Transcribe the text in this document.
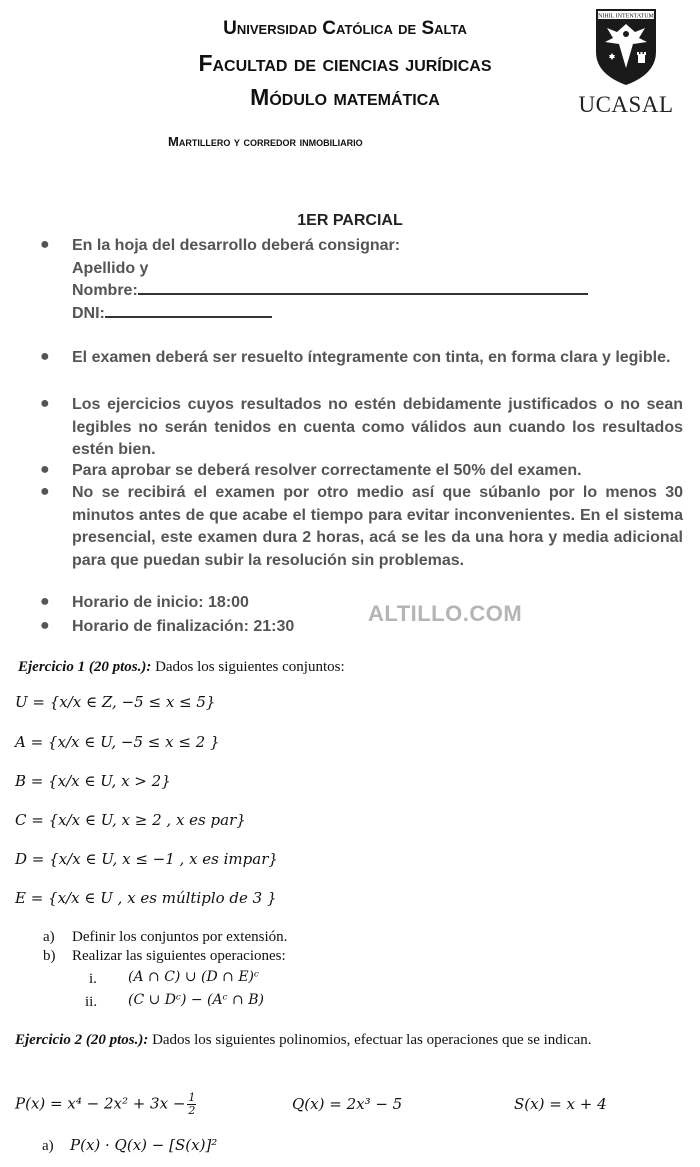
Universidad Católica de Salta
Facultad de ciencias jurídicas
Módulo matemática
Martillero y corredor inmobiliario
NIHIL INTENTATUM
UCASAL
1ER PARCIAL
● En la hoja del desarrollo deberá consignar:
Apellido y
Nombre:
DNI:
● El examen deberá ser resuelto íntegramente con tinta, en forma clara y legible.
● Los ejercicios cuyos resultados no estén debidamente justificados o no sean legibles no serán tenidos en cuenta como válidos aun cuando los resultados estén bien.
● Para aprobar se deberá resolver correctamente el 50% del examen.
● No se recibirá el examen por otro medio así que súbanlo por lo menos 30 minutos antes de que acabe el tiempo para evitar inconvenientes. En el sistema presencial, este examen dura 2 horas, acá se les da una hora y media adicional para que puedan subir la resolución sin problemas.
● Horario de inicio: 18:00
● Horario de finalización: 21:30
ALTILLO.COM
Ejercicio 1 (20 ptos.): Dados los siguientes conjuntos:
U = {x/x ∈ Z, −5 ≤ x ≤ 5}
A = {x/x ∈ U, −5 ≤ x ≤ 2 }
B = {x/x ∈ U, x > 2}
C = {x/x ∈ U, x ≥ 2 , x es par}
D = {x/x ∈ U, x ≤ −1 , x es impar}
E = {x/x ∈ U , x es múltiplo de 3 }
a) Definir los conjuntos por extensión.
b) Realizar las siguientes operaciones:
i. (A ∩ C) ∪ (D ∩ E)ᶜ
ii. (C ∪ Dᶜ) − (Aᶜ ∩ B)
Ejercicio 2 (20 ptos.): Dados los siguientes polinomios, efectuar las operaciones que se indican.
$P(x) = x^4 - 2x^2 + 3x - \frac{1}{2}$	Q(x) = 2x³ − 5	S(x) = x + 4
a) P(x) · Q(x) − [S(x)]²
